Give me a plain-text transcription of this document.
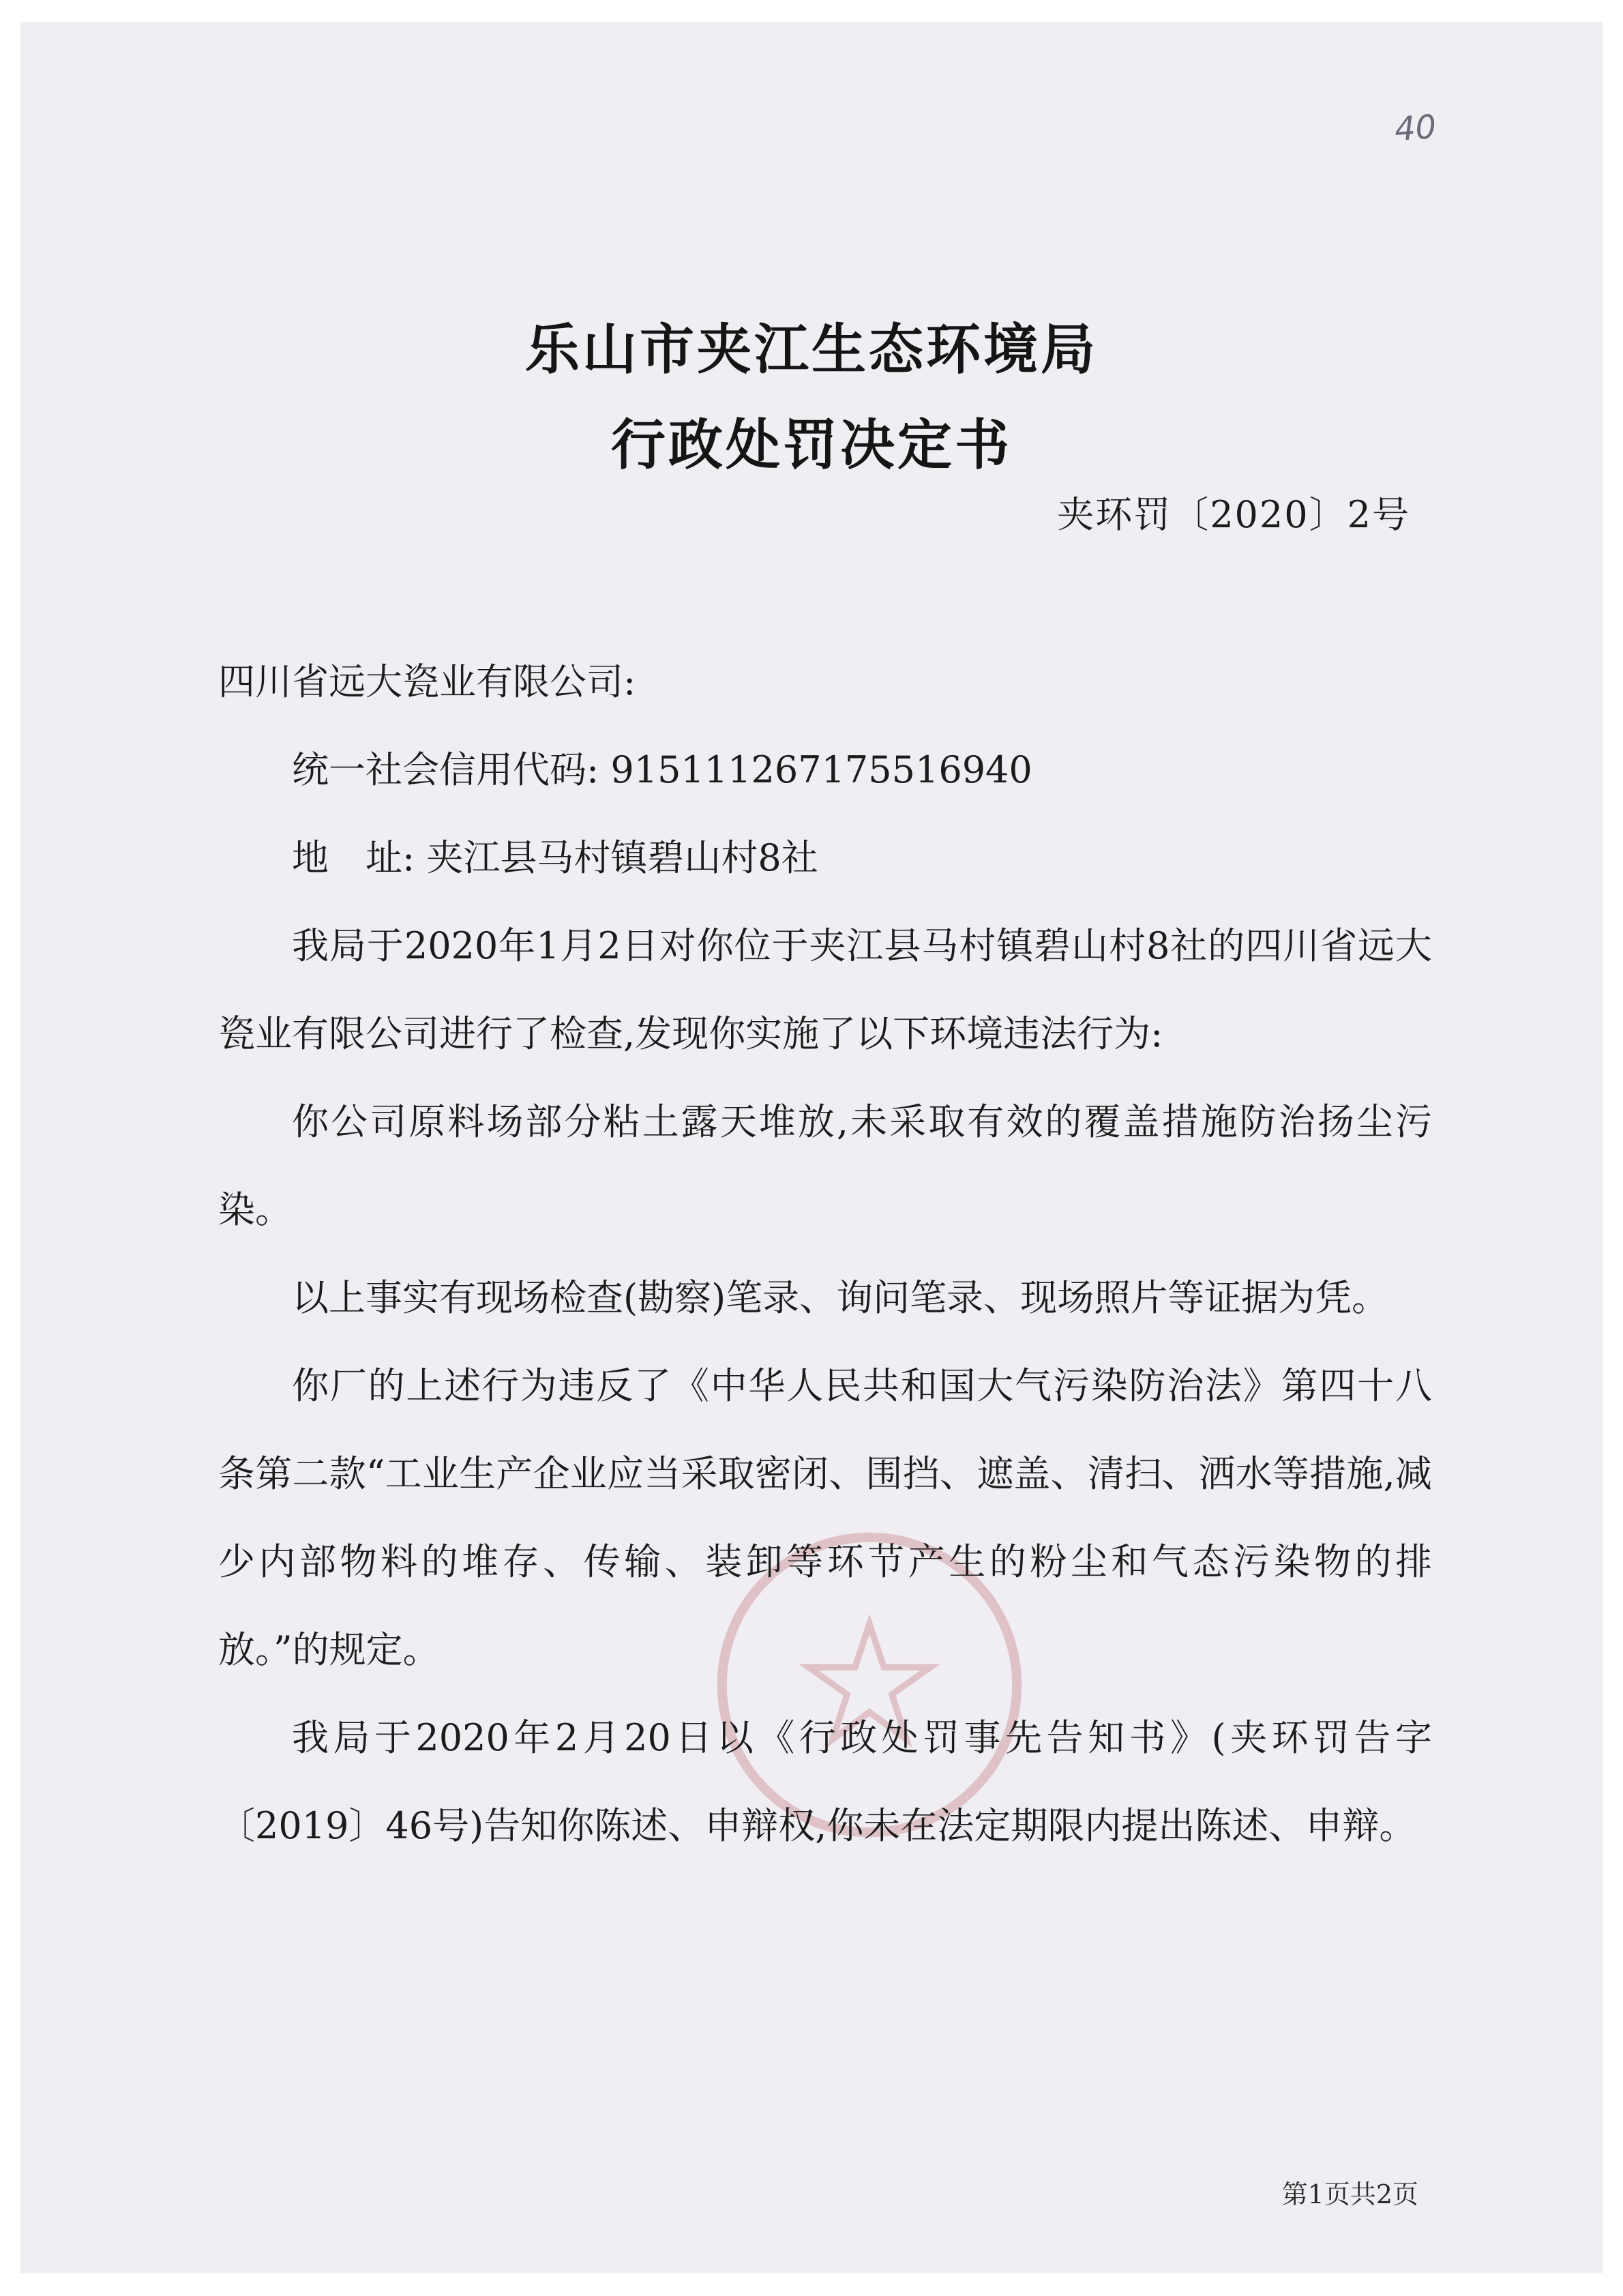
40
乐山市夹江生态环境局
行政处罚决定书
夹环罚〔2020〕2号

四川省远大瓷业有限公司:

统一社会信用代码: 915111267175516940

地　址: 夹江县马村镇碧山村8社

我局于2020年1月2日对你位于夹江县马村镇碧山村8社的四川省远大瓷业有限公司进行了检查,发现你实施了以下环境违法行为:

你公司原料场部分粘土露天堆放,未采取有效的覆盖措施防治扬尘污染。

以上事实有现场检查(勘察)笔录、询问笔录、现场照片等证据为凭。

你厂的上述行为违反了《中华人民共和国大气污染防治法》第四十八条第二款“工业生产企业应当采取密闭、围挡、遮盖、清扫、洒水等措施,减少内部物料的堆存、传输、装卸等环节产生的粉尘和气态污染物的排放。”的规定。

我局于2020年2月20日以《行政处罚事先告知书》(夹环罚告字〔2019〕46号)告知你陈述、申辩权,你未在法定期限内提出陈述、申辩。

第1页共2页
